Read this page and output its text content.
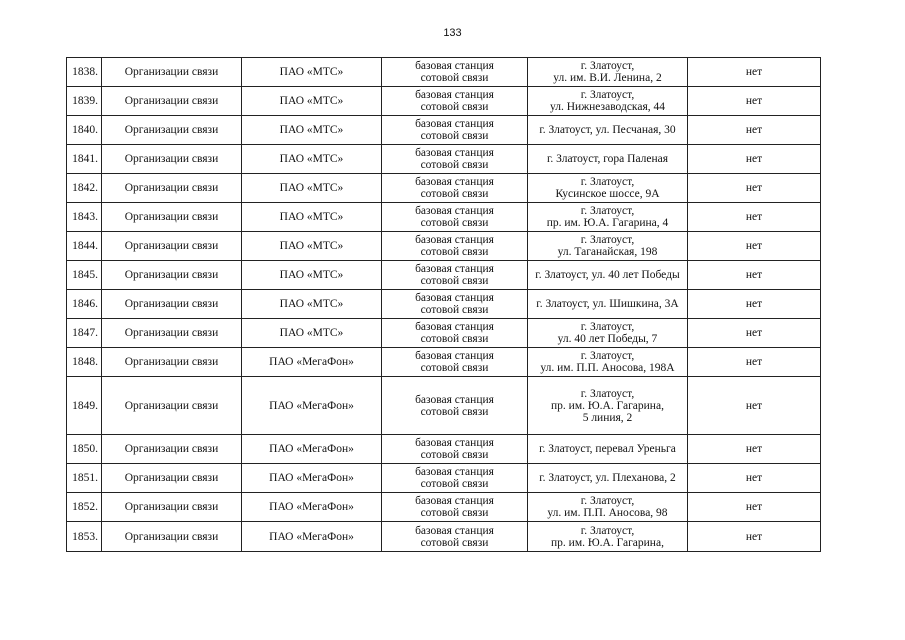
133
1838.	Организации связи	ПАО «МТС»	базовая станция
сотовой связи	г. Златоуст,
ул. им. В.И. Ленина, 2	нет
1839.	Организации связи	ПАО «МТС»	базовая станция
сотовой связи	г. Златоуст,
ул. Нижнезаводская, 44	нет
1840.	Организации связи	ПАО «МТС»	базовая станция
сотовой связи	г. Златоуст, ул. Песчаная, 30	нет
1841.	Организации связи	ПАО «МТС»	базовая станция
сотовой связи	г. Златоуст, гора Паленая	нет
1842.	Организации связи	ПАО «МТС»	базовая станция
сотовой связи	г. Златоуст,
Кусинское шоссе, 9А	нет
1843.	Организации связи	ПАО «МТС»	базовая станция
сотовой связи	г. Златоуст,
пр. им. Ю.А. Гагарина, 4	нет
1844.	Организации связи	ПАО «МТС»	базовая станция
сотовой связи	г. Златоуст,
ул. Таганайская, 198	нет
1845.	Организации связи	ПАО «МТС»	базовая станция
сотовой связи	г. Златоуст, ул. 40 лет Победы	нет
1846.	Организации связи	ПАО «МТС»	базовая станция
сотовой связи	г. Златоуст, ул. Шишкина, 3А	нет
1847.	Организации связи	ПАО «МТС»	базовая станция
сотовой связи	г. Златоуст,
ул. 40 лет Победы, 7	нет
1848.	Организации связи	ПАО «МегаФон»	базовая станция
сотовой связи	г. Златоуст,
ул. им. П.П. Аносова, 198А	нет
1849.	Организации связи	ПАО «МегаФон»	базовая станция
сотовой связи	г. Златоуст,
пр. им. Ю.А. Гагарина,
5 линия, 2	нет
1850.	Организации связи	ПАО «МегаФон»	базовая станция
сотовой связи	г. Златоуст, перевал Уреньга	нет
1851.	Организации связи	ПАО «МегаФон»	базовая станция
сотовой связи	г. Златоуст, ул. Плеханова, 2	нет
1852.	Организации связи	ПАО «МегаФон»	базовая станция
сотовой связи	г. Златоуст,
ул. им. П.П. Аносова, 98	нет
1853.	Организации связи	ПАО «МегаФон»	базовая станция
сотовой связи	г. Златоуст,
пр. им. Ю.А. Гагарина,	нет
